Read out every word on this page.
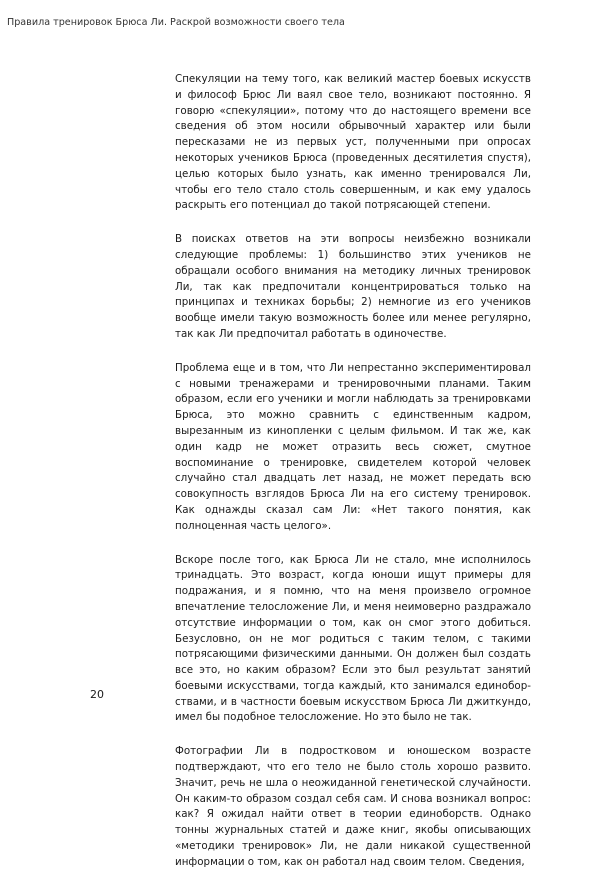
Правила тренировок Брюса Ли. Раскрой возможности своего тела

Спекуляции на тему того, как великий мастер боевых искусств и философ Брюс Ли ваял свое тело, возникают постоянно. Я говорю «спекуляции», потому что до настоящего времени все сведения об этом носили обрывочный характер или были пересказами не из первых уст, полученными при опросах некоторых учеников Брюса (проведенных десятилетия спустя), целью которых было узнать, как именно тренировался Ли, чтобы его тело стало столь совершенным, и как ему удалось раскрыть его потенциал до такой потрясающей степени.

В поисках ответов на эти вопросы неизбежно возникали следующие проблемы: 1) большинство этих учеников не обращали особого внимания на методику личных тренировок Ли, так как предпочитали концентрироваться только на принципах и техниках борьбы; 2) немногие из его учеников вообще имели такую возможность более или менее регулярно, так как Ли предпочитал работать в одиночестве.

Проблема еще и в том, что Ли непрестанно экспериментировал с новыми тренажерами и тренировочными планами. Таким образом, если его ученики и могли наблюдать за тренировками Брюса, это можно сравнить с единственным кадром, вырезанным из кинопленки с целым фильмом. И так же, как один кадр не может отразить весь сюжет, смутное воспоминание о тренировке, свидетелем которой человек случайно стал двадцать лет назад, не может передать всю совокупность взглядов Брюса Ли на его систему тренировок. Как однажды сказал сам Ли: «Нет такого понятия, как полноценная часть целого».

Вскоре после того, как Брюса Ли не стало, мне исполнилось тринадцать. Это возраст, когда юноши ищут примеры для подражания, и я помню, что на меня произвело огромное впечатление телосложение Ли, и меня неимоверно раздражало отсутствие информации о том, как он смог этого добиться. Безусловно, он не мог родиться с таким телом, с такими потрясающими физическими данными. Он должен был создать все это, но каким образом? Если это был результат занятий боевыми искусствами, тогда каждый, кто занимался единоборствами, и в частности боевым искусством Брюса Ли джиткундо, имел бы подобное телосложение. Но это было не так.

Фотографии Ли в подростковом и юношеском возрасте подтверждают, что его тело не было столь хорошо развито. Значит, речь не шла о неожиданной генетической случайности. Он каким-то образом создал себя сам. И снова возникал вопрос: как? Я ожидал найти ответ в теории единоборств. Однако тонны журнальных статей и даже книг, якобы описывающих «методики тренировок» Ли, не дали никакой существенной информации о том, как он работал над своим телом. Сведения,

20
